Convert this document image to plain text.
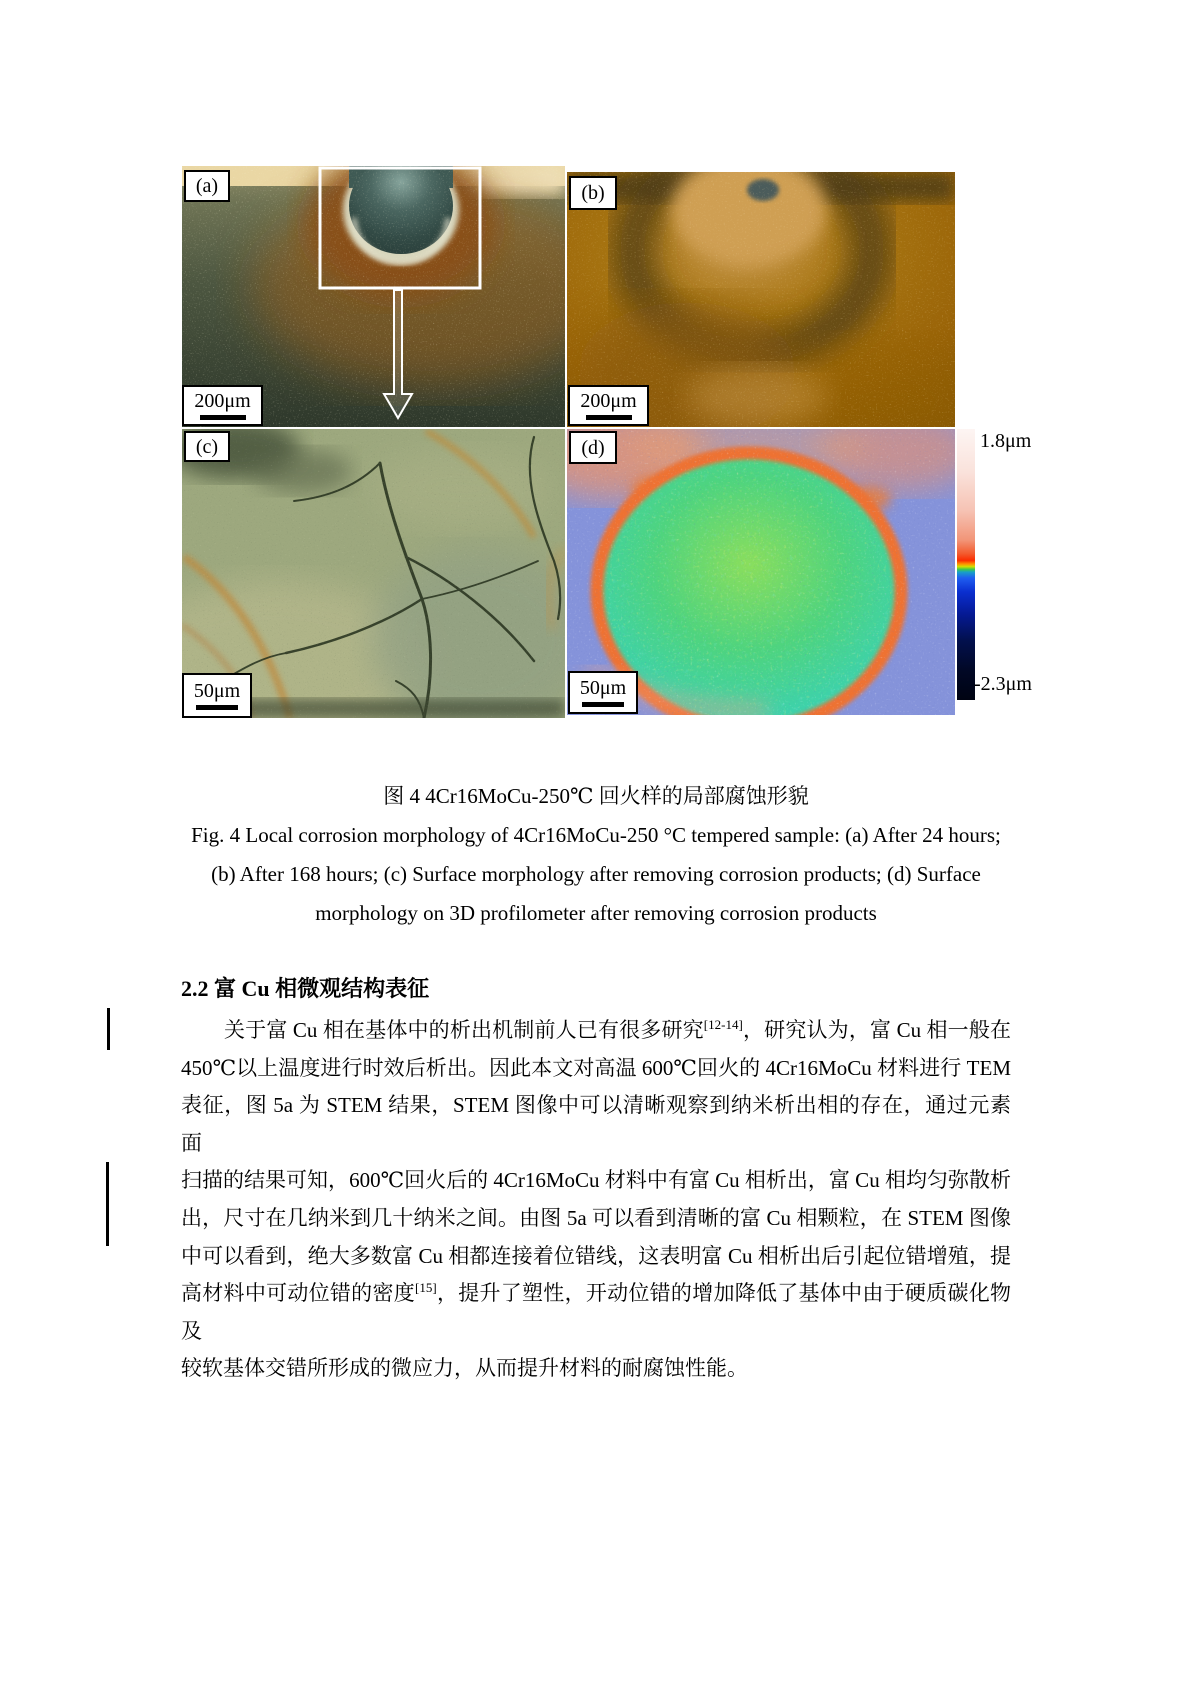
(a)
200μm
(b)
200μm
(c)
50μm
(d)
50μm
1.8μm
-2.3μm
图 4 4Cr16MoCu-250℃ 回火样的局部腐蚀形貌
Fig. 4 Local corrosion morphology of 4Cr16MoCu-250 °C tempered sample: (a) After 24 hours;
(b) After 168 hours; (c) Surface morphology after removing corrosion products; (d) Surface
morphology on 3D profilometer after removing corrosion products
2.2 富 Cu 相微观结构表征
关于富 Cu 相在基体中的析出机制前人已有很多研究[12-14]，研究认为，富 Cu 相一般在
450℃以上温度进行时效后析出。因此本文对高温 600℃回火的 4Cr16MoCu 材料进行 TEM
表征，图 5a 为 STEM 结果，STEM 图像中可以清晰观察到纳米析出相的存在，通过元素面
扫描的结果可知，600℃回火后的 4Cr16MoCu 材料中有富 Cu 相析出，富 Cu 相均匀弥散析
出，尺寸在几纳米到几十纳米之间。由图 5a 可以看到清晰的富 Cu 相颗粒，在 STEM 图像
中可以看到，绝大多数富 Cu 相都连接着位错线，这表明富 Cu 相析出后引起位错增殖，提
高材料中可动位错的密度[15]，提升了塑性，开动位错的增加降低了基体中由于硬质碳化物及
较软基体交错所形成的微应力，从而提升材料的耐腐蚀性能。
